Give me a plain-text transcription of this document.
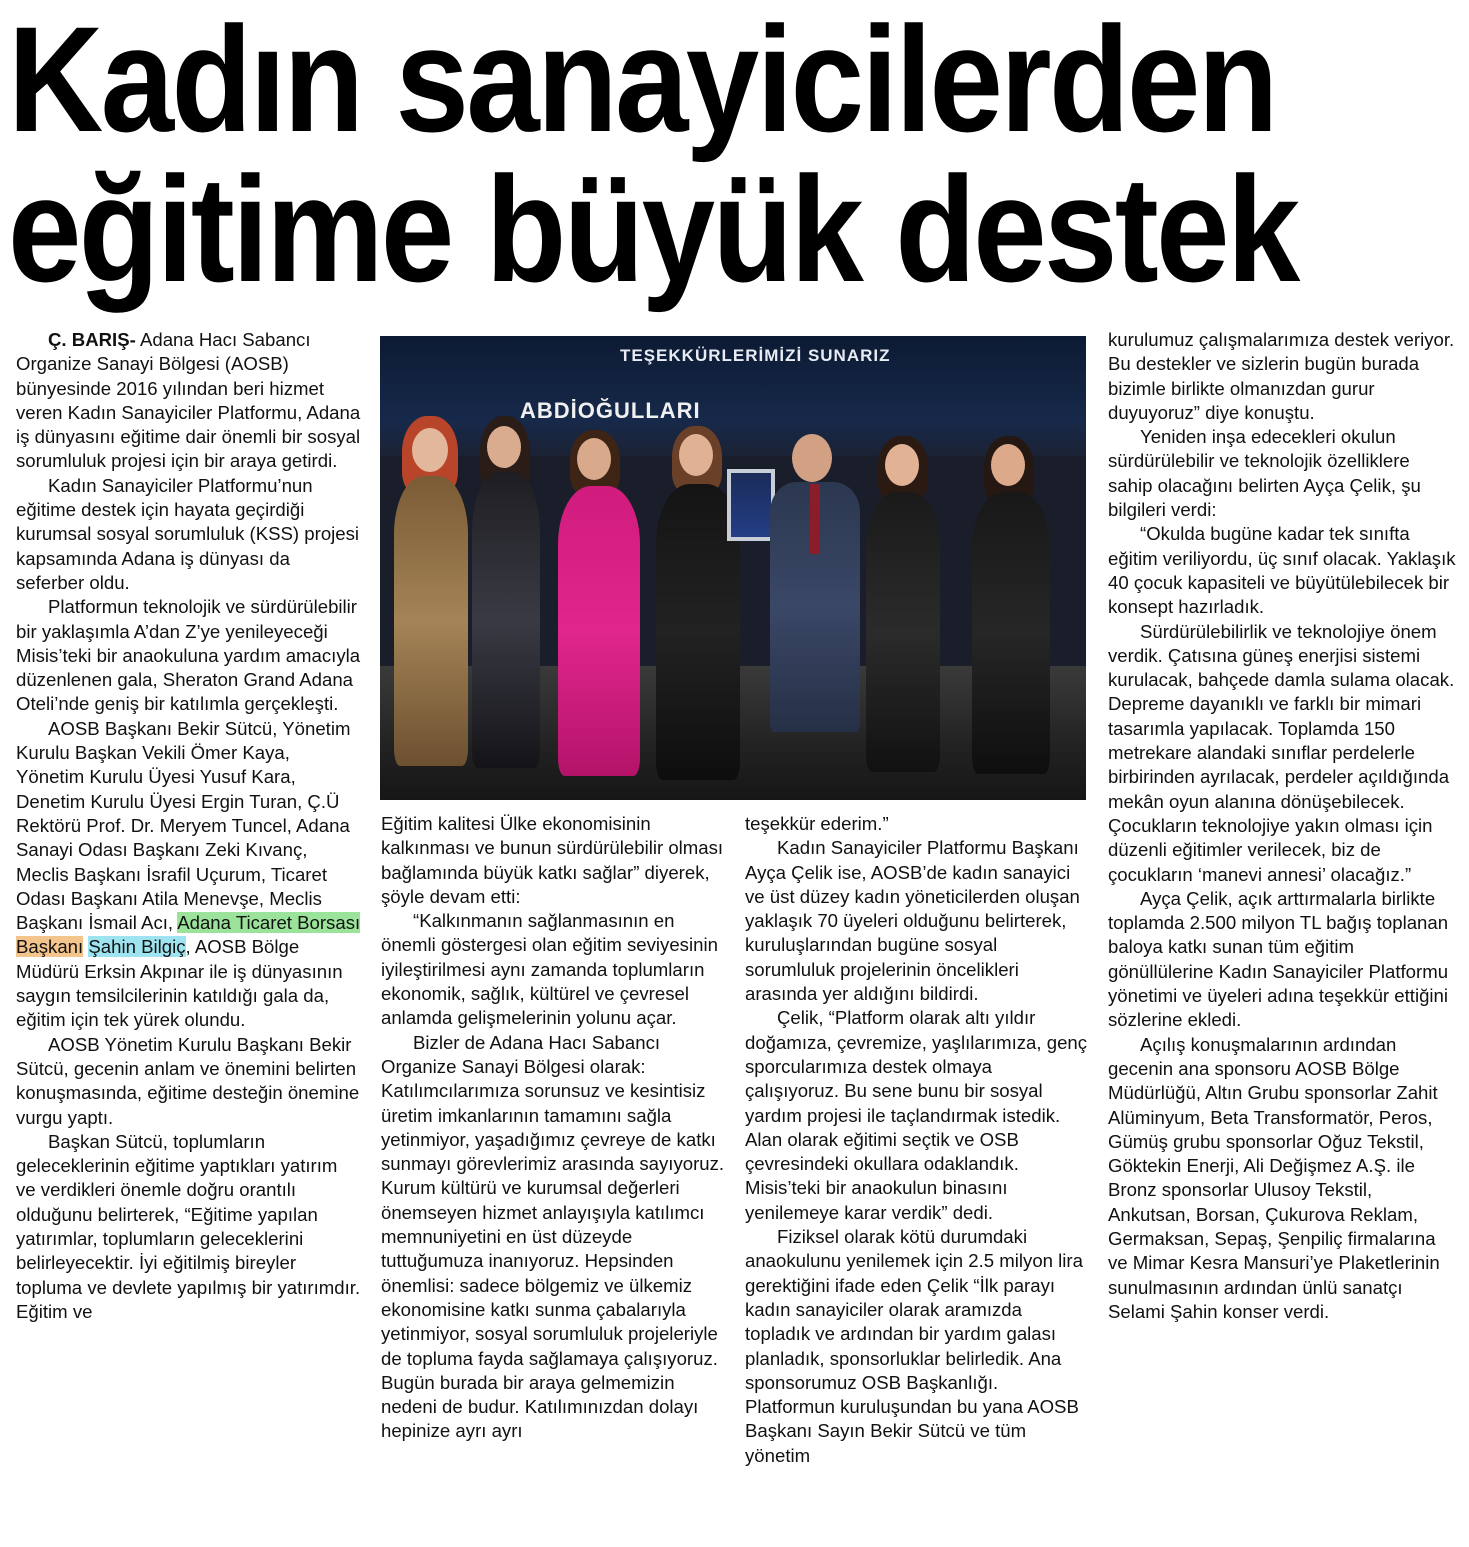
Kadın sanayicilerden
eğitime büyük destek

Ç. BARIŞ- Adana Hacı Sabancı Organize Sanayi Bölgesi (AOSB) bünyesinde 2016 yılından beri hizmet veren Kadın Sanayiciler Platformu, Adana iş dünyasını eğitime dair önemli bir sosyal sorumluluk projesi için bir araya getirdi.

Kadın Sanayiciler Platformu’nun eğitime destek için hayata geçirdiği kurumsal sosyal sorumluluk (KSS) projesi kapsamında Adana iş dünyası da seferber oldu.

Platformun teknolojik ve sürdürülebilir bir yaklaşımla A’dan Z’ye yenileyeceği Misis’teki bir anaokuluna yardım amacıyla düzenlenen gala, Sheraton Grand Adana Oteli’nde geniş bir katılımla gerçekleşti.

AOSB Başkanı Bekir Sütcü, Yönetim Kurulu Başkan Vekili Ömer Kaya, Yönetim Kurulu Üyesi Yusuf Kara, Denetim Kurulu Üyesi Ergin Turan, Ç.Ü Rektörü Prof. Dr. Meryem Tuncel, Adana Sanayi Odası Başkanı Zeki Kıvanç, Meclis Başkanı İsrafil Uçurum, Ticaret Odası Başkanı Atila Menevşe, Meclis Başkanı İsmail Acı, Adana Ticaret Borsası Başkanı Şahin Bilgiç, AOSB Bölge Müdürü Erksin Akpınar ile iş dünyasının saygın temsilcilerinin katıldığı gala da, eğitim için tek yürek olundu.

AOSB Yönetim Kurulu Başkanı Bekir Sütcü, gecenin anlam ve önemini belirten konuşmasında, eğitime desteğin önemine vurgu yaptı.

Başkan Sütcü, toplumların geleceklerinin eğitime yaptıkları yatırım ve verdikleri önemle doğru orantılı olduğunu belirterek, “Eğitime yapılan yatırımlar, toplumların geleceklerini belirleyecektir. İyi eğitilmiş bireyler topluma ve devlete yapılmış bir yatırımdır. Eğitim ve

TEŞEKKÜRLERİMİZİ SUNARIZ
ABDİOĞULLARI

Eğitim kalitesi Ülke ekonomisinin kalkınması ve bunun sürdürülebilir olması bağlamında büyük katkı sağlar” diyerek, şöyle devam etti:

“Kalkınmanın sağlanmasının en önemli göstergesi olan eğitim seviyesinin iyileştirilmesi aynı zamanda toplumların ekonomik, sağlık, kültürel ve çevresel anlamda gelişmelerinin yolunu açar.

Bizler de Adana Hacı Sabancı Organize Sanayi Bölgesi olarak: Katılımcılarımıza sorunsuz ve kesintisiz üretim imkanlarının tamamını sağla yetinmiyor, yaşadığımız çevreye de katkı sunmayı görevlerimiz arasında sayıyoruz. Kurum kültürü ve kurumsal değerleri önemseyen hizmet anlayışıyla katılımcı memnuniyetini en üst düzeyde tuttuğumuza inanıyoruz. Hepsinden önemlisi: sadece bölgemiz ve ülkemiz ekonomisine katkı sunma çabalarıyla yetinmiyor, sosyal sorumluluk projeleriyle de topluma fayda sağlamaya çalışıyoruz. Bugün burada bir araya gelmemizin nedeni de budur. Katılımınızdan dolayı hepinize ayrı ayrı

teşekkür ederim.”

Kadın Sanayiciler Platformu Başkanı Ayça Çelik ise, AOSB’de kadın sanayici ve üst düzey kadın yöneticilerden oluşan yaklaşık 70 üyeleri olduğunu belirterek, kuruluşlarından bugüne sosyal sorumluluk projelerinin öncelikleri arasında yer aldığını bildirdi.

Çelik, “Platform olarak altı yıldır doğamıza, çevremize, yaşlılarımıza, genç sporcularımıza destek olmaya çalışıyoruz. Bu sene bunu bir sosyal yardım projesi ile taçlandırmak istedik. Alan olarak eğitimi seçtik ve OSB çevresindeki okullara odaklandık. Misis’teki bir anaokulun binasını yenilemeye karar verdik” dedi.

Fiziksel olarak kötü durumdaki anaokulunu yenilemek için 2.5 milyon lira gerektiğini ifade eden Çelik “İlk parayı kadın sanayiciler olarak aramızda topladık ve ardından bir yardım galası planladık, sponsorluklar belirledik. Ana sponsorumuz OSB Başkanlığı. Platformun kuruluşundan bu yana AOSB Başkanı Sayın Bekir Sütcü ve tüm yönetim

kurulumuz çalışmalarımıza destek veriyor. Bu destekler ve sizlerin bugün burada bizimle birlikte olmanızdan gurur duyuyoruz” diye konuştu.

Yeniden inşa edecekleri okulun sürdürülebilir ve teknolojik özelliklere sahip olacağını belirten Ayça Çelik, şu bilgileri verdi:

“Okulda bugüne kadar tek sınıfta eğitim veriliyordu, üç sınıf olacak. Yaklaşık 40 çocuk kapasiteli ve büyütülebilecek bir konsept hazırladık.

Sürdürülebilirlik ve teknolojiye önem verdik. Çatısına güneş enerjisi sistemi kurulacak, bahçede damla sulama olacak. Depreme dayanıklı ve farklı bir mimari tasarımla yapılacak. Toplamda 150 metrekare alandaki sınıflar perdelerle birbirinden ayrılacak, perdeler açıldığında mekân oyun alanına dönüşebilecek. Çocukların teknolojiye yakın olması için düzenli eğitimler verilecek, biz de çocukların ‘manevi annesi’ olacağız.”

Ayça Çelik, açık arttırmalarla birlikte toplamda 2.500 milyon TL bağış toplanan baloya katkı sunan tüm eğitim gönüllülerine Kadın Sanayiciler Platformu yönetimi ve üyeleri adına teşekkür ettiğini sözlerine ekledi.

Açılış konuşmalarının ardından gecenin ana sponsoru AOSB Bölge Müdürlüğü, Altın Grubu sponsorlar Zahit Alüminyum, Beta Transformatör, Peros, Gümüş grubu sponsorlar Oğuz Tekstil, Göktekin Enerji, Ali Değişmez A.Ş. ile Bronz sponsorlar Ulusoy Tekstil, Ankutsan, Borsan, Çukurova Reklam, Germaksan, Sepaş, Şenpiliç firmalarına ve Mimar Kesra Mansuri’ye Plaketlerinin sunulmasının ardından ünlü sanatçı Selami Şahin konser verdi.
